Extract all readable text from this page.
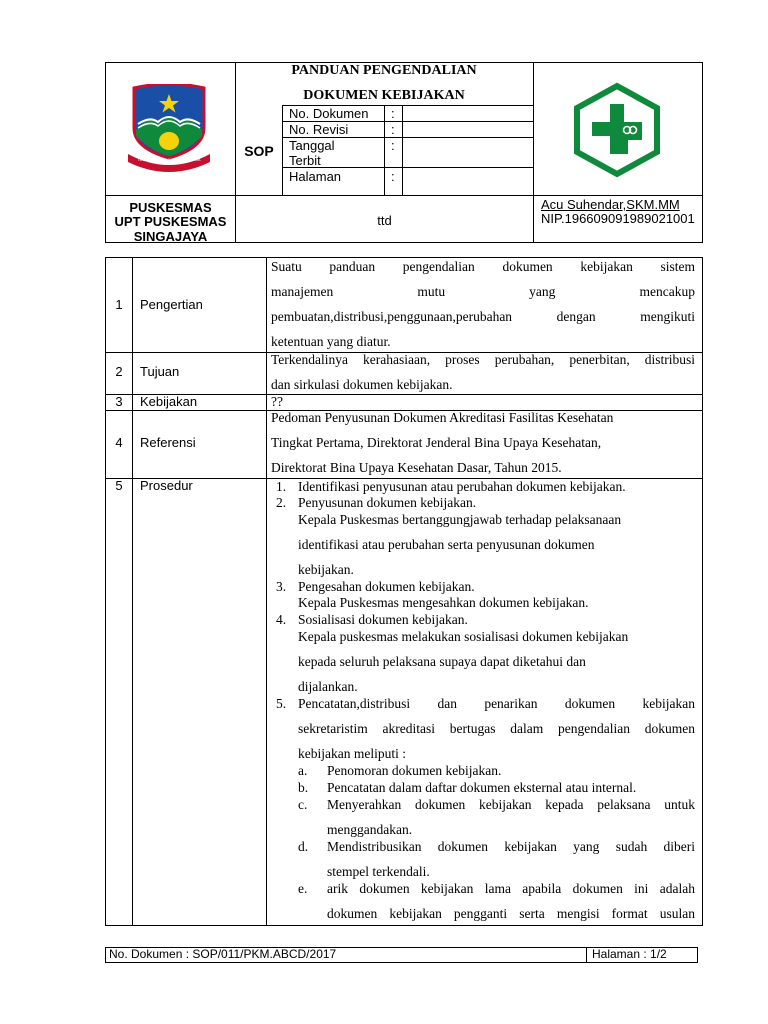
TATA TENTREM KERTA RAHARJA
PANDUAN PENGENDALIAN
DOKUMEN KEBIJAKAN
SOP
No. Dokumen :
No. Revisi	:
Tanggal
Terbit
:
Halaman	:
PUSKESMAS
UPT PUSKESMAS
SINGAJAYA
ttd
Acu Suhendar,SKM.MM
NIP.196609091989021001
1	Pengertian
Suatu panduan pengendalian dokumen kebijakan sistem
manajemen mutu yang mencakup
pembuatan,distribusi,penggunaan,perubahan dengan mengikuti
ketentuan yang diatur.
2	Tujuan
Terkendalinya kerahasiaan, proses perubahan, penerbitan, distribusi
dan sirkulasi dokumen kebijakan.
3	Kebijakan	??
4	Referensi
Pedoman Penyusunan Dokumen Akreditasi Fasilitas Kesehatan
Tingkat Pertama, Direktorat Jenderal Bina Upaya Kesehatan,
Direktorat Bina Upaya Kesehatan Dasar, Tahun 2015.
5	Prosedur	1. Identifikasi penyusunan atau perubahan dokumen kebijakan.
2. Penyusunan dokumen kebijakan.
Kepala Puskesmas bertanggungjawab terhadap pelaksanaan
identifikasi atau perubahan serta penyusunan dokumen
kebijakan.
3. Pengesahan dokumen kebijakan.
Kepala Puskesmas mengesahkan dokumen kebijakan.
4. Sosialisasi dokumen kebijakan.
Kepala puskesmas melakukan sosialisasi dokumen kebijakan
kepada seluruh pelaksana supaya dapat diketahui dan
dijalankan.
5. Pencatatan,distribusi dan penarikan dokumen kebijakan
sekretaristim akreditasi bertugas dalam pengendalian dokumen
kebijakan meliputi :
a. Penomoran dokumen kebijakan.
b. Pencatatan dalam daftar dokumen eksternal atau internal.
c. Menyerahkan dokumen kebijakan kepada pelaksana untuk
menggandakan.
d. Mendistribusikan dokumen kebijakan yang sudah diberi
stempel terkendali.
e. arik dokumen kebijakan lama apabila dokumen ini adalah
dokumen kebijakan pengganti serta mengisi format usulan
No. Dokumen : SOP/011/PKM.ABCD/2017	Halaman : 1/2
